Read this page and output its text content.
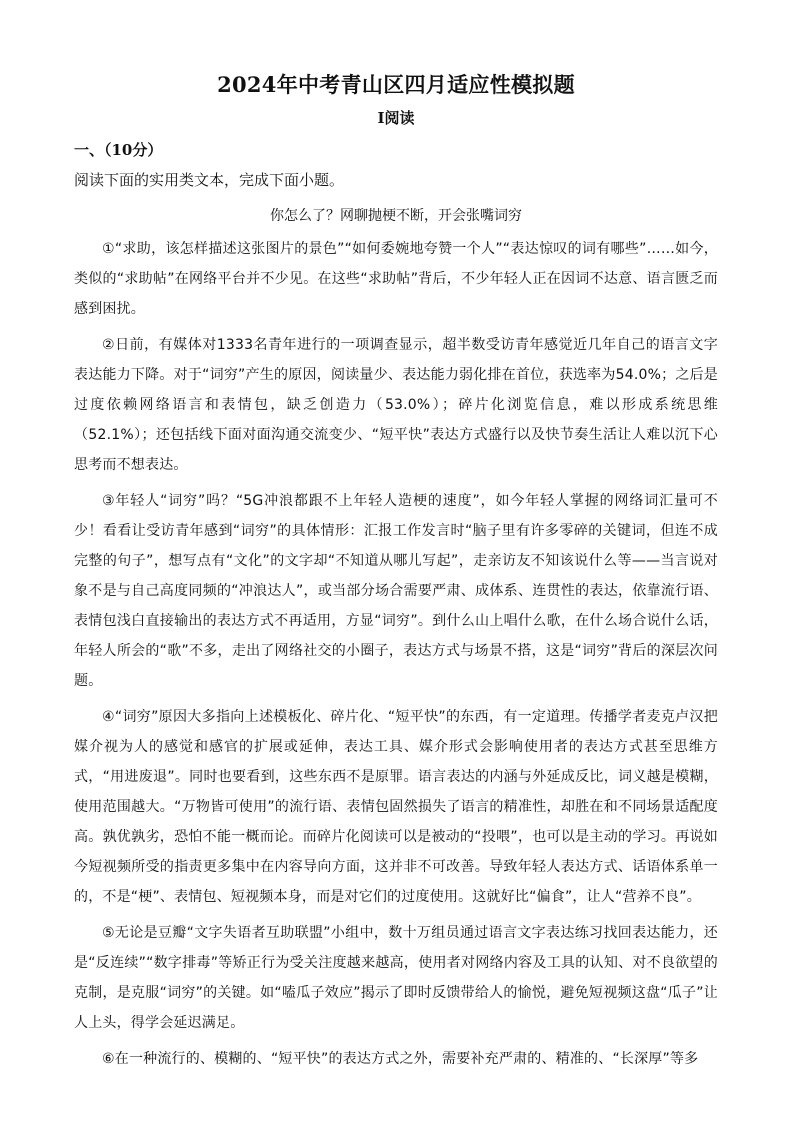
2024年中考青山区四月适应性模拟题
I阅读
一、（10分）
阅读下面的实用类文本，完成下面小题。
你怎么了？网聊抛梗不断，开会张嘴词穷

①“求助，该怎样描述这张图片的景色”“如何委婉地夸赞一个人”“表达惊叹的词有哪些”……如今，类似的“求助帖”在网络平台并不少见。在这些“求助帖”背后，不少年轻人正在因词不达意、语言匮乏而感到困扰。

②日前，有媒体对1333名青年进行的一项调查显示，超半数受访青年感觉近几年自己的语言文字表达能力下降。对于“词穷”产生的原因，阅读量少、表达能力弱化排在首位，获选率为54.0%；之后是过度依赖网络语言和表情包，缺乏创造力（53.0%）；碎片化浏览信息，难以形成系统思维（52.1%）；还包括线下面对面沟通交流变少、“短平快”表达方式盛行以及快节奏生活让人难以沉下心思考而不想表达。

③年轻人“词穷”吗？“5G冲浪都跟不上年轻人造梗的速度”，如今年轻人掌握的网络词汇量可不少！看看让受访青年感到“词穷”的具体情形：汇报工作发言时“脑子里有许多零碎的关键词，但连不成完整的句子”，想写点有“文化”的文字却“不知道从哪儿写起”，走亲访友不知该说什么等——当言说对象不是与自己高度同频的“冲浪达人”，或当部分场合需要严肃、成体系、连贯性的表达，依靠流行语、表情包浅白直接输出的表达方式不再适用，方显“词穷”。到什么山上唱什么歌，在什么场合说什么话，年轻人所会的“歌”不多，走出了网络社交的小圈子，表达方式与场景不搭，这是“词穷”背后的深层次问题。

④“词穷”原因大多指向上述模板化、碎片化、“短平快”的东西，有一定道理。传播学者麦克卢汉把媒介视为人的感觉和感官的扩展或延伸，表达工具、媒介形式会影响使用者的表达方式甚至思维方式，“用进废退”。同时也要看到，这些东西不是原罪。语言表达的内涵与外延成反比，词义越是模糊，使用范围越大。“万物皆可使用”的流行语、表情包固然损失了语言的精准性，却胜在和不同场景适配度高。孰优孰劣，恐怕不能一概而论。而碎片化阅读可以是被动的“投喂”，也可以是主动的学习。再说如今短视频所受的指责更多集中在内容导向方面，这并非不可改善。导致年轻人表达方式、话语体系单一的，不是“梗”、表情包、短视频本身，而是对它们的过度使用。这就好比“偏食”，让人“营养不良”。

⑤无论是豆瓣“文字失语者互助联盟”小组中，数十万组员通过语言文字表达练习找回表达能力，还是“反连续”“数字排毒”等矫正行为受关注度越来越高，使用者对网络内容及工具的认知、对不良欲望的克制，是克服“词穷”的关键。如“嗑瓜子效应”揭示了即时反馈带给人的愉悦，避免短视频这盘“瓜子”让人上头，得学会延迟满足。

⑥在一种流行的、模糊的、“短平快”的表达方式之外，需要补充严肃的、精准的、“长深厚”等多
